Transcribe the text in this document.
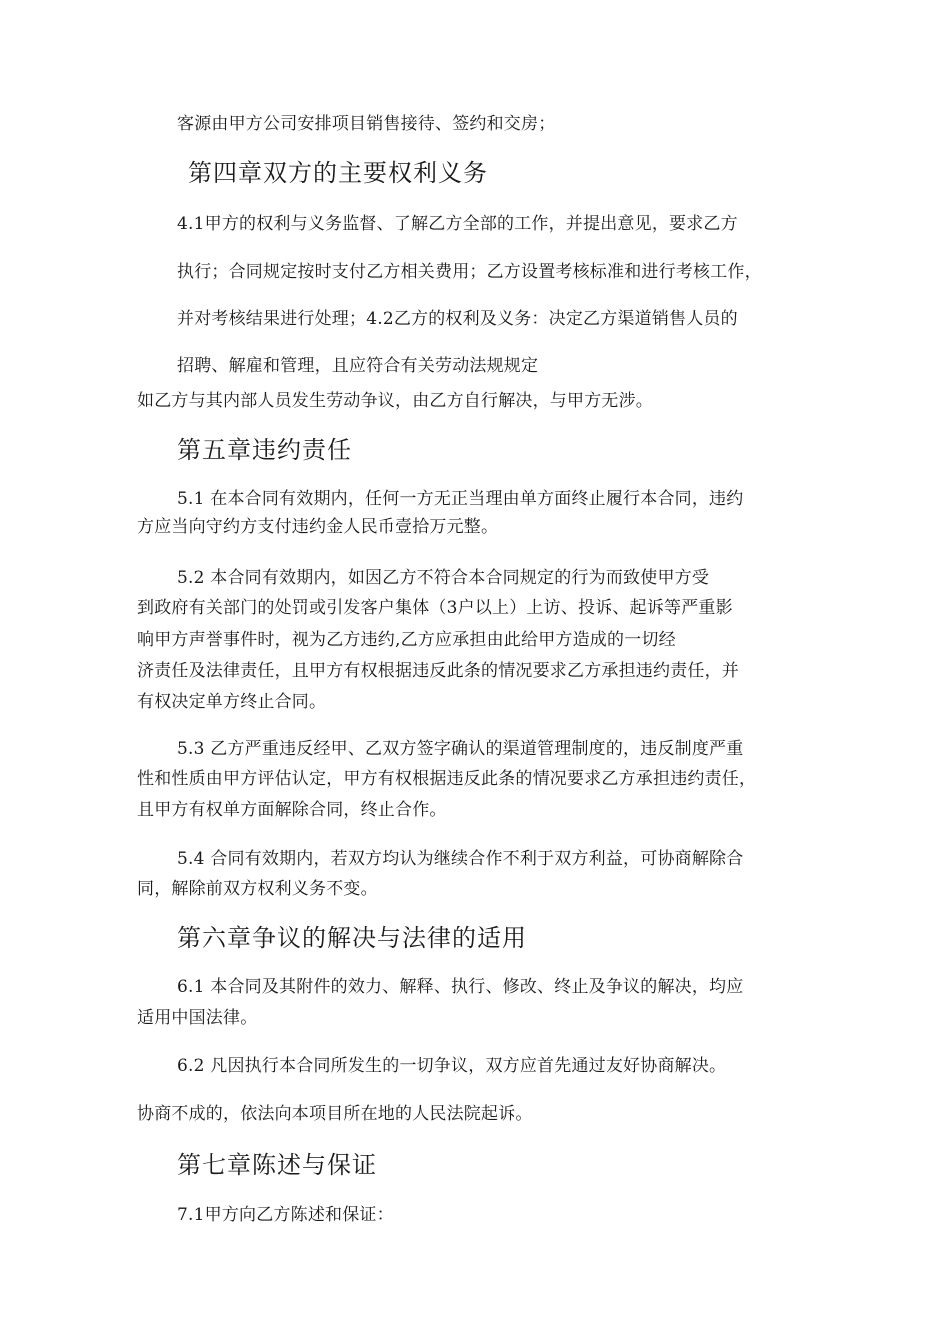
客源由甲方公司安排项目销售接待、签约和交房；
第四章双方的主要权利义务
4.1甲方的权利与义务监督、了解乙方全部的工作，并提出意见，要求乙方
执行；合同规定按时支付乙方相关费用；乙方设置考核标准和进行考核工作，
并对考核结果进行处理；4.2乙方的权利及义务：决定乙方渠道销售人员的
招聘、解雇和管理，且应符合有关劳动法规规定
如乙方与其内部人员发生劳动争议，由乙方自行解决，与甲方无涉。
第五章违约责任
5.1 在本合同有效期内，任何一方无正当理由单方面终止履行本合同，违约
方应当向守约方支付违约金人民币壹拾万元整。
5.2 本合同有效期内，如因乙方不符合本合同规定的行为而致使甲方受
到政府有关部门的处罚或引发客户集体（3户以上）上访、投诉、起诉等严重影
响甲方声誉事件时，视为乙方违约,乙方应承担由此给甲方造成的一切经
济责任及法律责任，且甲方有权根据违反此条的情况要求乙方承担违约责任，并
有权决定单方终止合同。
5.3 乙方严重违反经甲、乙双方签字确认的渠道管理制度的，违反制度严重
性和性质由甲方评估认定，甲方有权根据违反此条的情况要求乙方承担违约责任，
且甲方有权单方面解除合同，终止合作。
5.4 合同有效期内，若双方均认为继续合作不利于双方利益，可协商解除合
同，解除前双方权利义务不变。
第六章争议的解决与法律的适用
6.1 本合同及其附件的效力、解释、执行、修改、终止及争议的解决，均应
适用中国法律。
6.2 凡因执行本合同所发生的一切争议，双方应首先通过友好协商解决。
协商不成的，依法向本项目所在地的人民法院起诉。
第七章陈述与保证
7.1甲方向乙方陈述和保证：
